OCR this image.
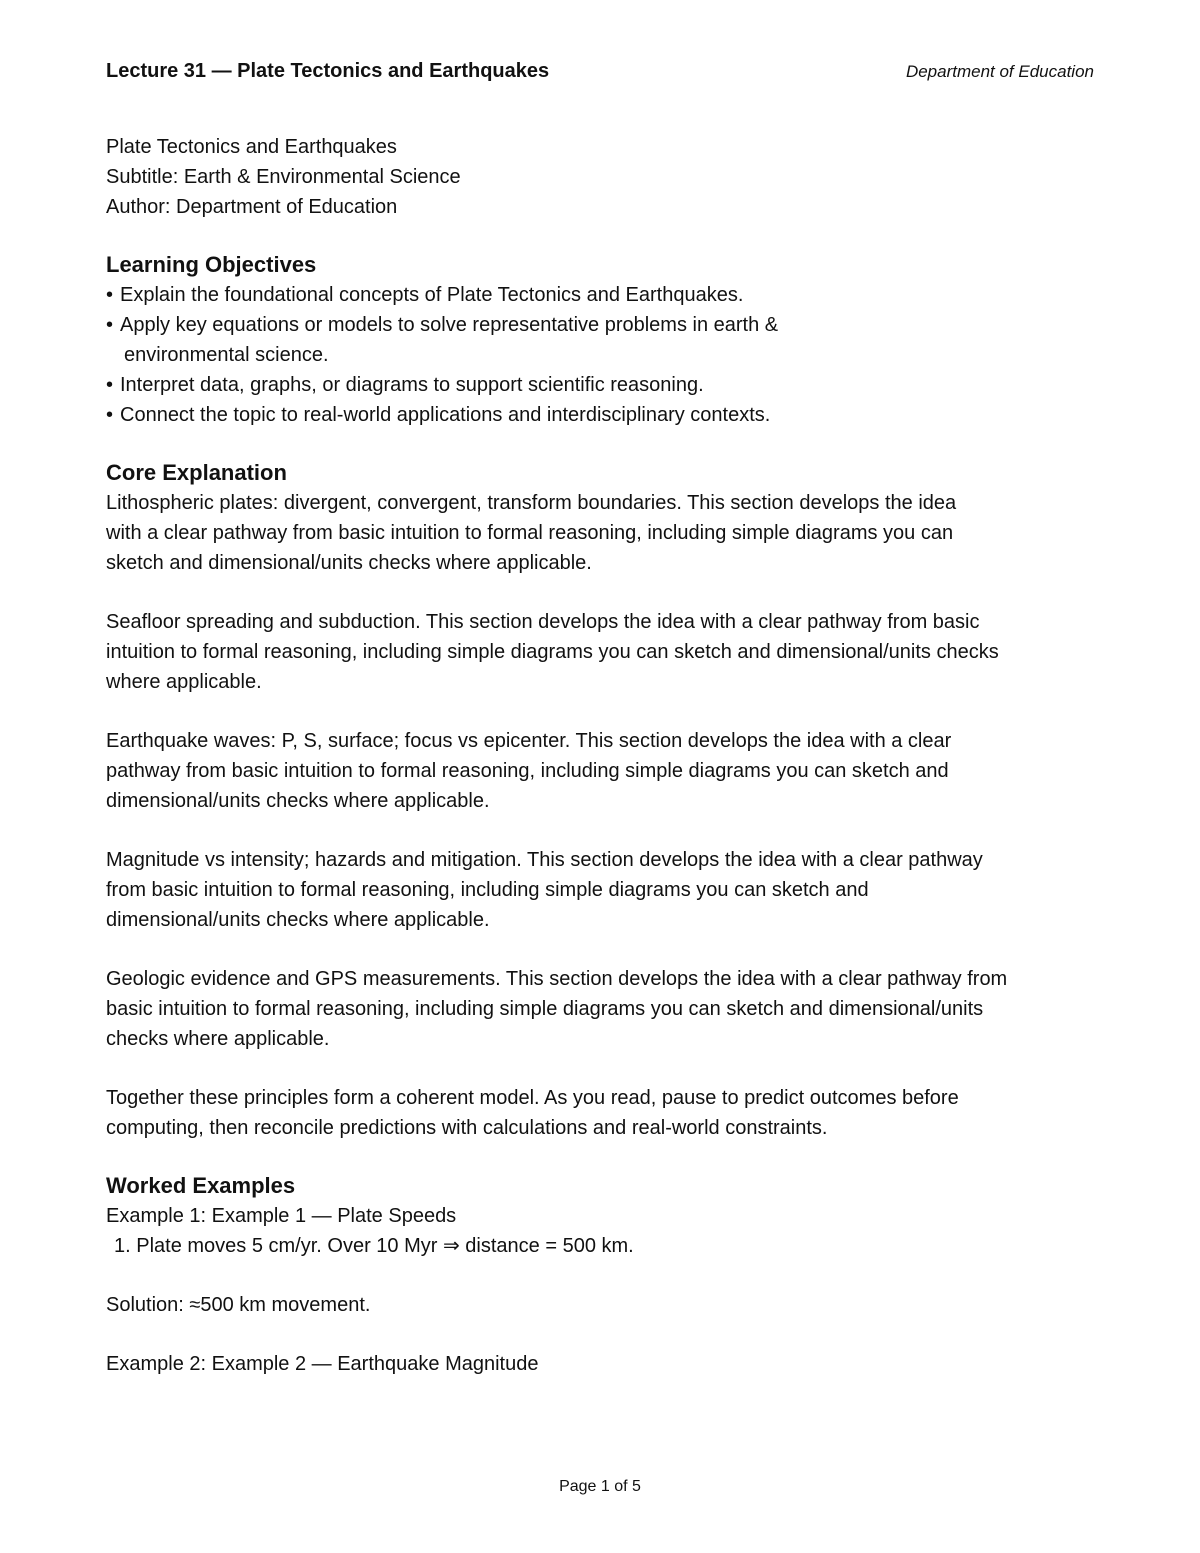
Lecture 31 — Plate Tectonics and Earthquakes	Department of Education

Plate Tectonics and Earthquakes

Subtitle: Earth & Environmental Science

Author: Department of Education

Learning Objectives
• Explain the foundational concepts of Plate Tectonics and Earthquakes.
• Apply key equations or models to solve representative problems in earth & environmental science.
• Interpret data, graphs, or diagrams to support scientific reasoning.
• Connect the topic to real-world applications and interdisciplinary contexts.
Core Explanation

Lithospheric plates: divergent, convergent, transform boundaries. This section develops the idea with a clear pathway from basic intuition to formal reasoning, including simple diagrams you can sketch and dimensional/units checks where applicable.

Seafloor spreading and subduction. This section develops the idea with a clear pathway from basic intuition to formal reasoning, including simple diagrams you can sketch and dimensional/units checks where applicable.

Earthquake waves: P, S, surface; focus vs epicenter. This section develops the idea with a clear pathway from basic intuition to formal reasoning, including simple diagrams you can sketch and dimensional/units checks where applicable.

Magnitude vs intensity; hazards and mitigation. This section develops the idea with a clear pathway from basic intuition to formal reasoning, including simple diagrams you can sketch and dimensional/units checks where applicable.

Geologic evidence and GPS measurements. This section develops the idea with a clear pathway from basic intuition to formal reasoning, including simple diagrams you can sketch and dimensional/units checks where applicable.

Together these principles form a coherent model. As you read, pause to predict outcomes before computing, then reconcile predictions with calculations and real-world constraints.

Worked Examples

Example 1: Example 1 — Plate Speeds

1. Plate moves 5 cm/yr. Over 10 Myr ⇒ distance = 500 km.

Solution: ≈500 km movement.

Example 2: Example 2 — Earthquake Magnitude

Page 1 of 5
